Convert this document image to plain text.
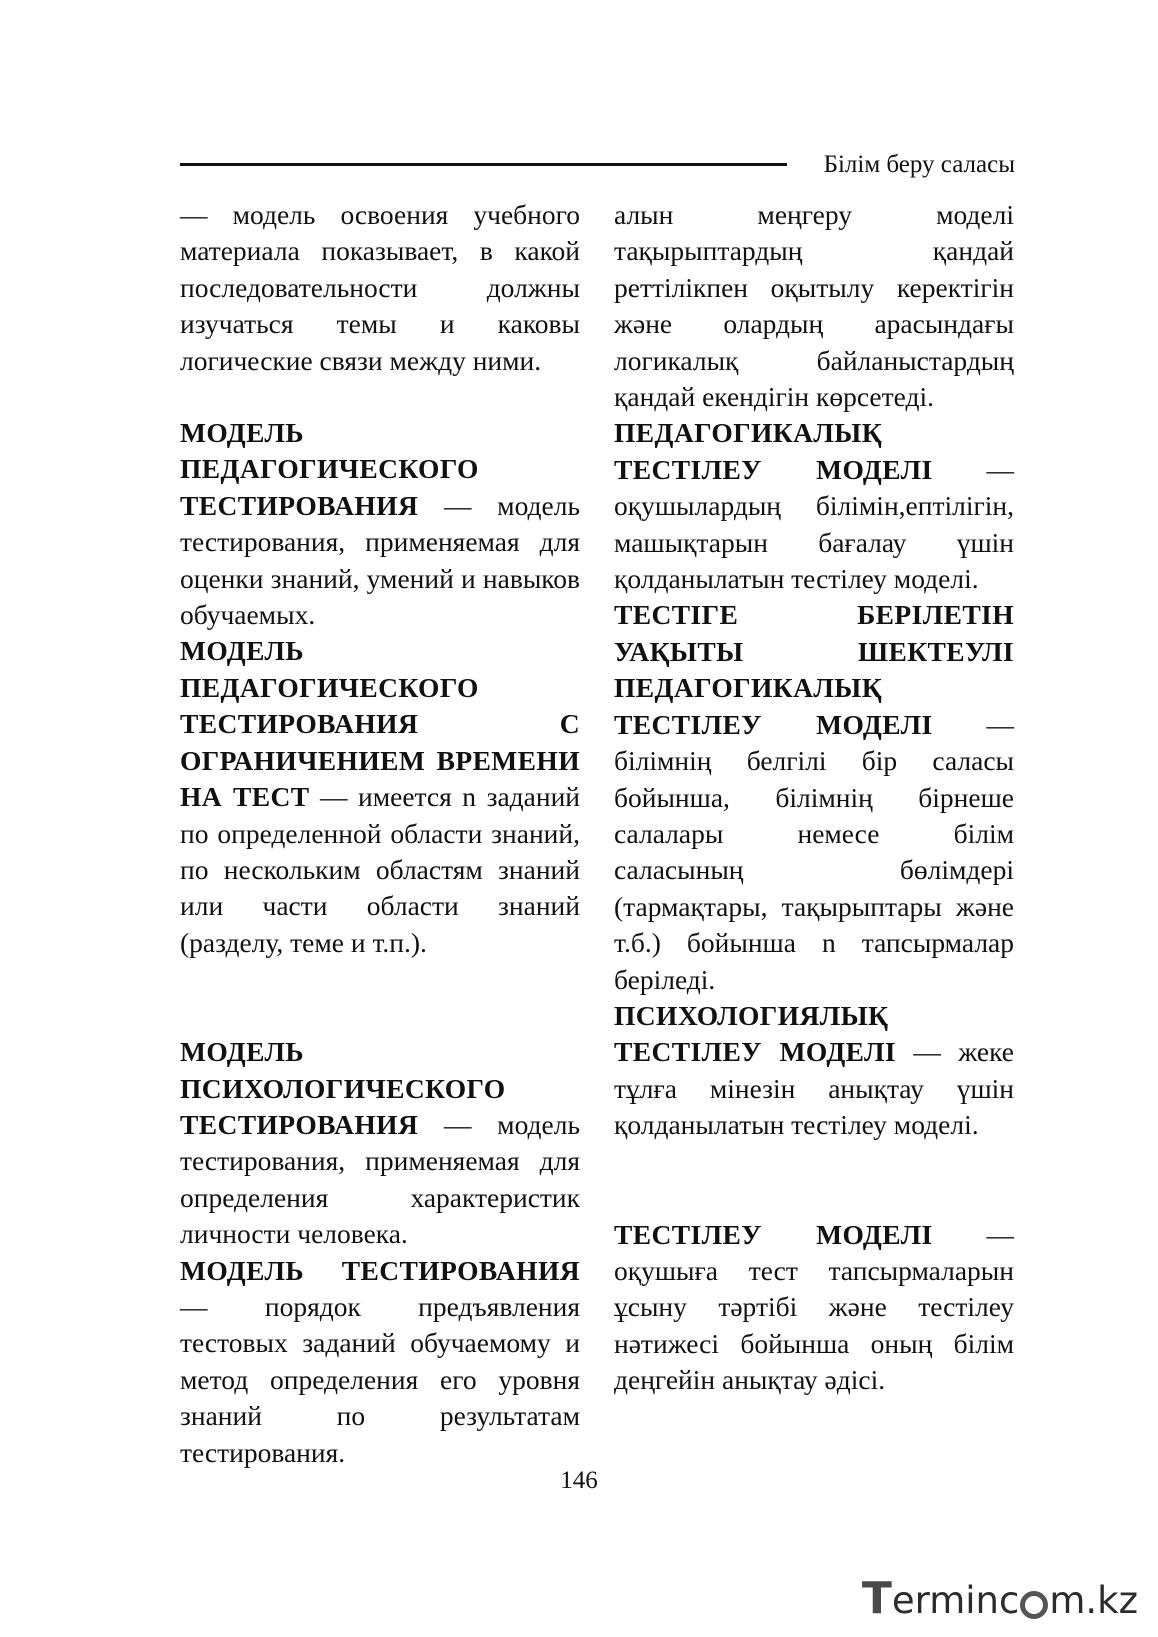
Білім беру саласы

— модель освоения учебного материала показывает, в какой последовательности должны изучаться темы и каковы логические связи между ними.

МОДЕЛЬ ПЕДАГОГИЧЕСКОГО ТЕСТИРОВАНИЯ — модель тестирования, применяемая для оценки знаний, умений и навыков обучаемых.

МОДЕЛЬ ПЕДАГОГИЧЕСКОГО ТЕСТИРОВАНИЯ С ОГРАНИЧЕНИЕМ ВРЕМЕНИ НА ТЕСТ — имеется n заданий по определенной области знаний, по нескольким областям знаний или части области знаний (разделу, теме и т.п.).

МОДЕЛЬ ПСИХОЛОГИЧЕСКОГО ТЕСТИРОВАНИЯ — модель тестирования, применяемая для определения характеристик личности человека.

МОДЕЛЬ ТЕСТИРОВАНИЯ — порядок предъявления тестовых заданий обучаемому и метод определения его уровня знаний по результатам тестирования.

алын меңгеру моделі тақырыптардың қандай реттілікпен оқытылу керектігін және олардың арасындағы логикалық байланыстардың қандай екендігін көрсетеді.

ПЕДАГОГИКАЛЫҚ ТЕСТІЛЕУ МОДЕЛІ — оқушылардың білімін,ептілігін, машықтарын бағалау үшін қолданылатын тестілеу моделі.

ТЕСТІГЕ БЕРІЛЕТІН УАҚЫТЫ ШЕКТЕУЛІ ПЕДАГОГИКАЛЫҚ ТЕСТІЛЕУ МОДЕЛІ — білімнің белгілі бір саласы бойынша, білімнің бірнеше салалары немесе білім саласының бөлімдері (тармақтары, тақырыптары және т.б.) бойынша n тапсырмалар беріледі.

ПСИХОЛОГИЯЛЫҚ ТЕСТІЛЕУ МОДЕЛІ — жеке тұлға мінезін анықтау үшін қолданылатын тестілеу моделі.

ТЕСТІЛЕУ МОДЕЛІ — оқушыға тест тапсырмаларын ұсыну тәртібі және тестілеу нәтижесі бойынша оның білім деңгейін анықтау әдісі.

146
Terminc m.kz
